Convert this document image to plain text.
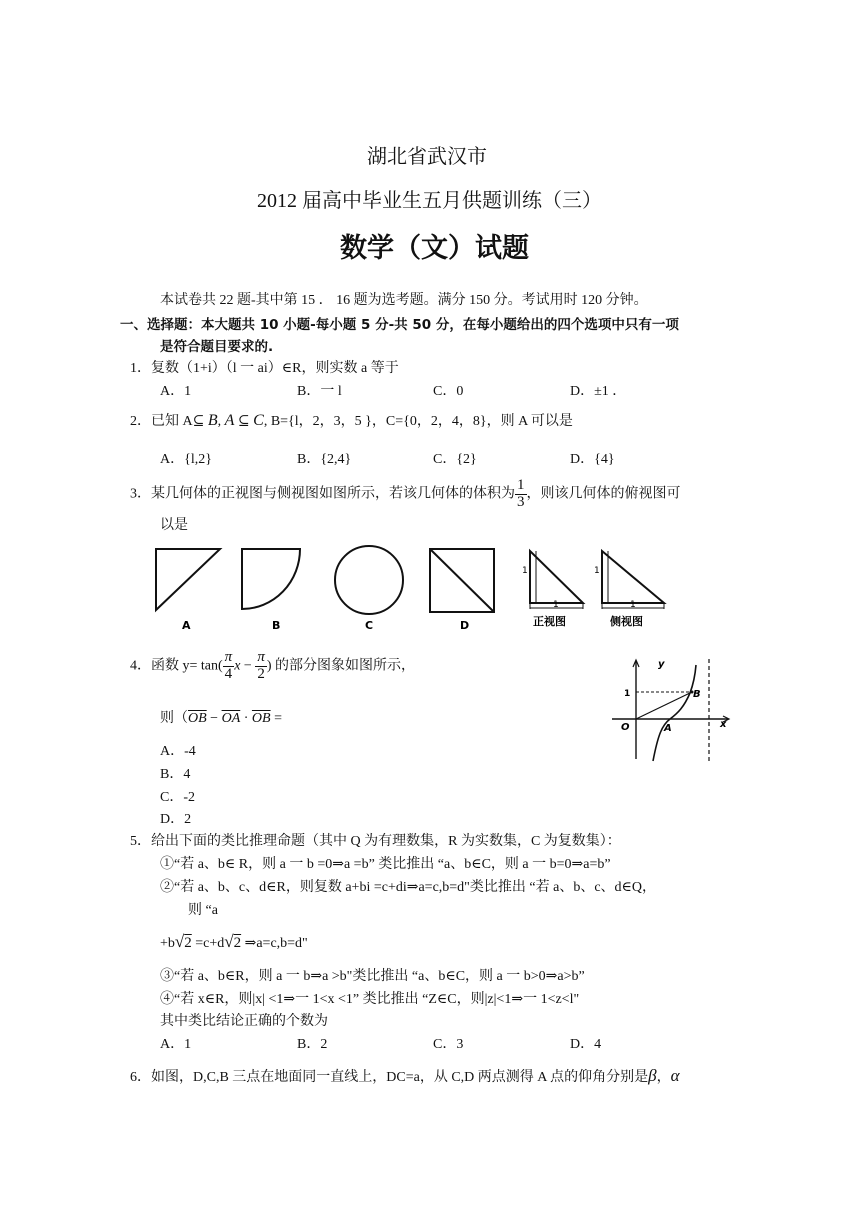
湖北省武汉市
2012 届高中毕业生五月供题训练（三）
数学（文）试题
本试卷共 22 题-其中第 15 ． 16 题为选考题。满分 150 分。考试用时 120 分钟。
一、选择题：本大题共 10 小题-每小题 5 分-共 50 分，在每小题给出的四个选项中只有一项
是符合题目要求的.
1．复数（1+i）（l 一 ai）∈R，则实数 a 等于
A．1	B．一 l	C．0	D．±1 ．
2．已知 A⊆ B, A ⊆ C, B={l，2，3，5 }，C={0，2，4，8}，则 A 可以是
A．{l,2}	B．{2,4}	C．{2}	D．{4}
3．某几何体的正视图与侧视图如图所示，若该几何体的体积为 $\frac{1}{3}$ ，则该几何体的俯视图可
以是
1	1
1	1
A	B	C	D	正视图	侧视图
4．函数 $y= \tan( \frac{\pi}{4}$ $x - \frac{\pi}{2}$ ) 的部分图象如图所示，
则（$\overline{OB} - \overline{OA} \cdot \overline{OB}$ =
A．-4
B．4
C．-2
D．2
y
x
1
O	A
B
5．给出下面的类比推理命题（其中 Q 为有理数集，R 为实数集，C 为复数集）：
①“若 a、b∈ R，则 a 一 b =0⇒a =b” 类比推出 “a、b∈C，则 a 一 b=0⇒a=b”
②“若 a、b、c、d∈R，则复数 a+bi =c+di⇒a=c,b=d"类比推出 “若 a、b、c、d∈Q，
则 “a
+b√2 =c+d√2 ⇒a=c,b=d"
③“若 a、b∈R，则 a 一 b⇒a >b"类比推出 “a、b∈C，则 a 一 b>0⇒a>b”
④“若 x∈R，则|x| <1⇒一 1<x <1” 类比推出 “Z∈C，则|z|<1⇒一 1<z<l"
其中类比结论正确的个数为
A．1	B．2	C．3	D．4
6．如图，D,C,B 三点在地面同一直线上，DC=a，从 C,D 两点测得 A 点的仰角分别是β，α
